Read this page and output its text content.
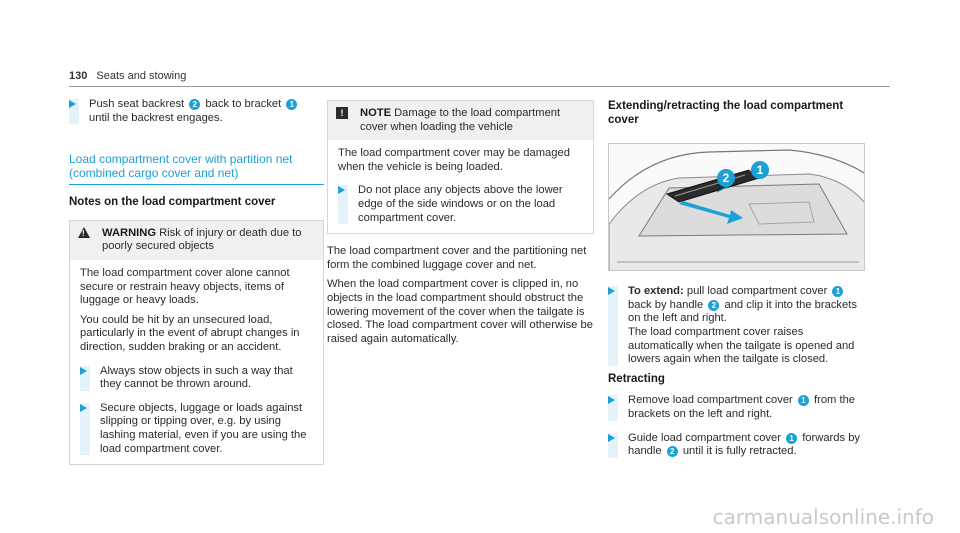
130 Seats and stowing
Push seat backrest 2 back to bracket 1
until the backrest engages.
Load compartment cover with partition net (combined cargo cover and net)
Notes on the load compartment cover
!	WARNING Risk of injury or death due to poorly secured objects

The load compartment cover alone cannot secure or restrain heavy objects, items of luggage or heavy loads.

You could be hit by an unsecured load, particularly in the event of abrupt changes in direction, sudden braking or an accident.

Always stow objects in such a way that they cannot be thrown around.
Secure objects, luggage or loads against slipping or tipping over, e.g. by using lashing material, even if you are using the load compartment cover.
!	NOTE Damage to the load compartment cover when loading the vehicle

The load compartment cover may be damaged when the vehicle is being loaded.

Do not place any objects above the lower edge of the side windows or on the load compartment cover.

The load compartment cover and the partitioning net form the combined luggage cover and net.

When the load compartment cover is clipped in, no objects in the load compartment should obstruct the lowering movement of the cover when the tailgate is closed. The load compartment cover will otherwise be raised again automatically.

Extending/retracting the load compartment cover
1
2
To extend: pull load compartment cover 1 back by handle 2 and clip it into the brackets on the left and right.
The load compartment cover raises automatically when the tailgate is opened and lowers again when the tailgate is closed.
Retracting
Remove load compartment cover 1 from the brackets on the left and right.
Guide load compartment cover 1 forwards by handle 2 until it is fully retracted.
carmanualsonline.info
